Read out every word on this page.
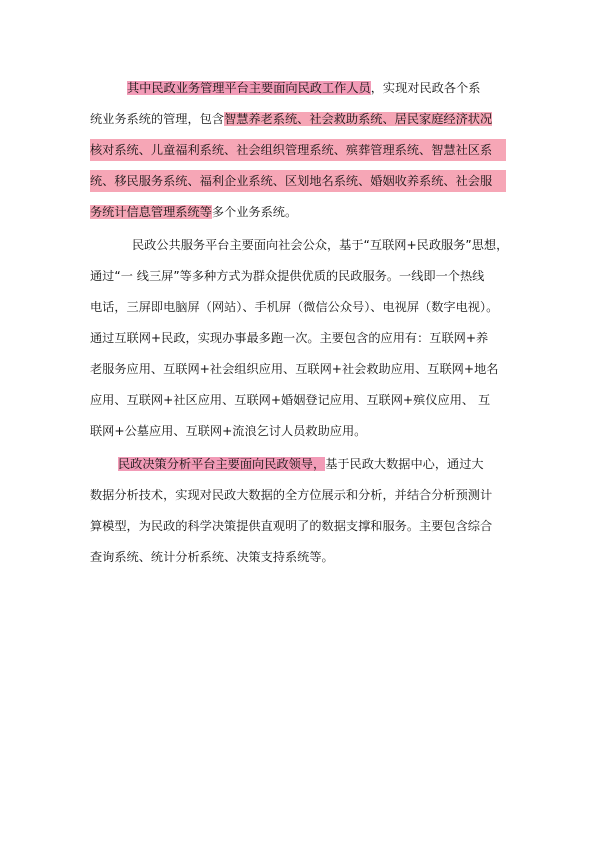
其中民政业务管理平台主要面向民政工作人员，实现对民政各个系
统业务系统的管理，包含智慧养老系统、社会救助系统、居民家庭经济状况
核对系统、儿童福利系统、社会组织管理系统、殡葬管理系统、智慧社区系
统、移民服务系统、福利企业系统、区划地名系统、婚姻收养系统、社会服
务统计信息管理系统等多个业务系统。
民政公共服务平台主要面向社会公众，基于“互联网+民政服务”思想，
通过“一 线三屏”等多种方式为群众提供优质的民政服务。一线即一个热线
电话，三屏即电脑屏（网站）、手机屏（微信公众号）、电视屏（数字电视）。
通过互联网+民政，实现办事最多跑一次。主要包含的应用有：互联网+养
老服务应用、互联网+社会组织应用、互联网+社会救助应用、互联网+地名
应用、互联网+社区应用、互联网+婚姻登记应用、互联网+殡仪应用、 互
联网+公墓应用、互联网+流浪乞讨人员救助应用。
民政决策分析平台主要面向民政领导，基于民政大数据中心，通过大
数据分析技术，实现对民政大数据的全方位展示和分析，并结合分析预测计
算模型，为民政的科学决策提供直观明了的数据支撑和服务。主要包含综合
查询系统、统计分析系统、决策支持系统等。
